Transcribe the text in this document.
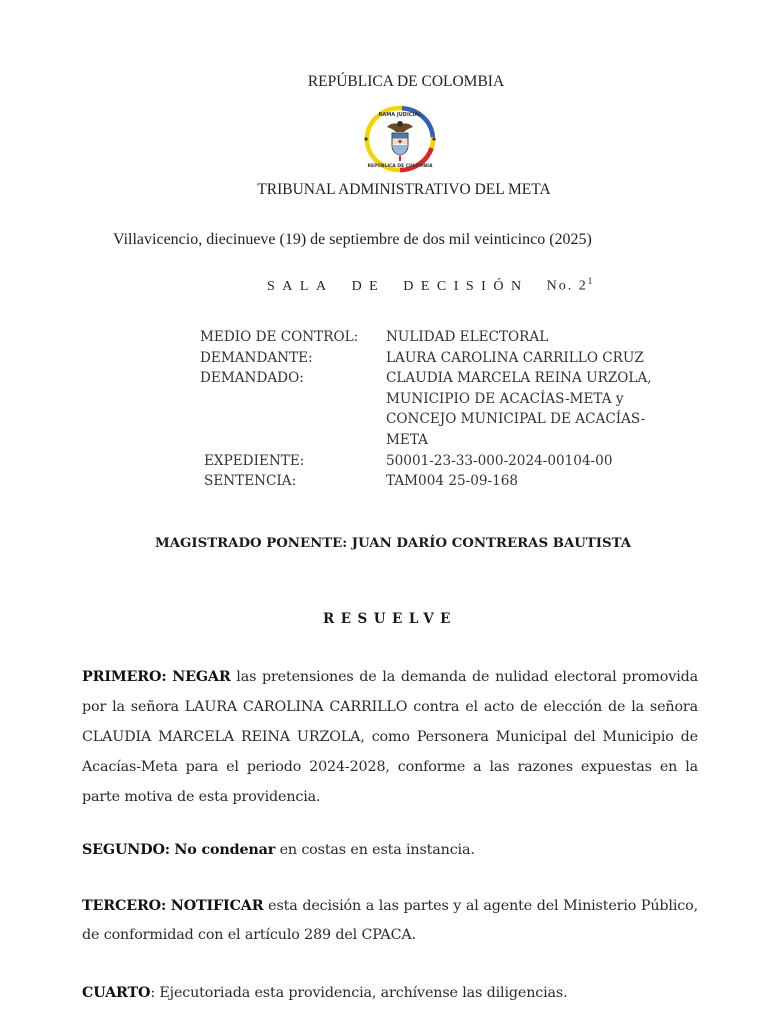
REPÚBLICA DE COLOMBIA
RAMA JUDICIAL
REPÚBLICA DE COLOMBIA
TRIBUNAL ADMINISTRATIVO DEL META
Villavicencio, diecinueve (19) de septiembre de dos mil veinticinco (2025)
SALA DE DECISIÓN No. $2^1$
MEDIO DE CONTROL:	NULIDAD ELECTORAL
DEMANDANTE:	LAURA CAROLINA CARRILLO CRUZ
DEMANDADO:	CLAUDIA MARCELA REINA URZOLA,
MUNICIPIO DE ACACÍAS-META y
CONCEJO MUNICIPAL DE ACACÍAS-
META
EXPEDIENTE:	50001-23-33-000-2024-00104-00
SENTENCIA:	TAM004 25-09-168
MAGISTRADO PONENTE: JUAN DARÍO CONTRERAS BAUTISTA
RESUELVE
PRIMERO: NEGAR las pretensiones de la demanda de nulidad electoral promovida por la señora LAURA CAROLINA CARRILLO contra el acto de elección de la señora CLAUDIA MARCELA REINA URZOLA, como Personera Municipal del Municipio de Acacías-Meta para el periodo 2024-2028, conforme a las razones expuestas en la parte motiva de esta providencia.
SEGUNDO: No condenar en costas en esta instancia.
TERCERO: NOTIFICAR esta decisión a las partes y al agente del Ministerio Público, de conformidad con el artículo 289 del CPACA.
CUARTO: Ejecutoriada esta providencia, archívense las diligencias.
